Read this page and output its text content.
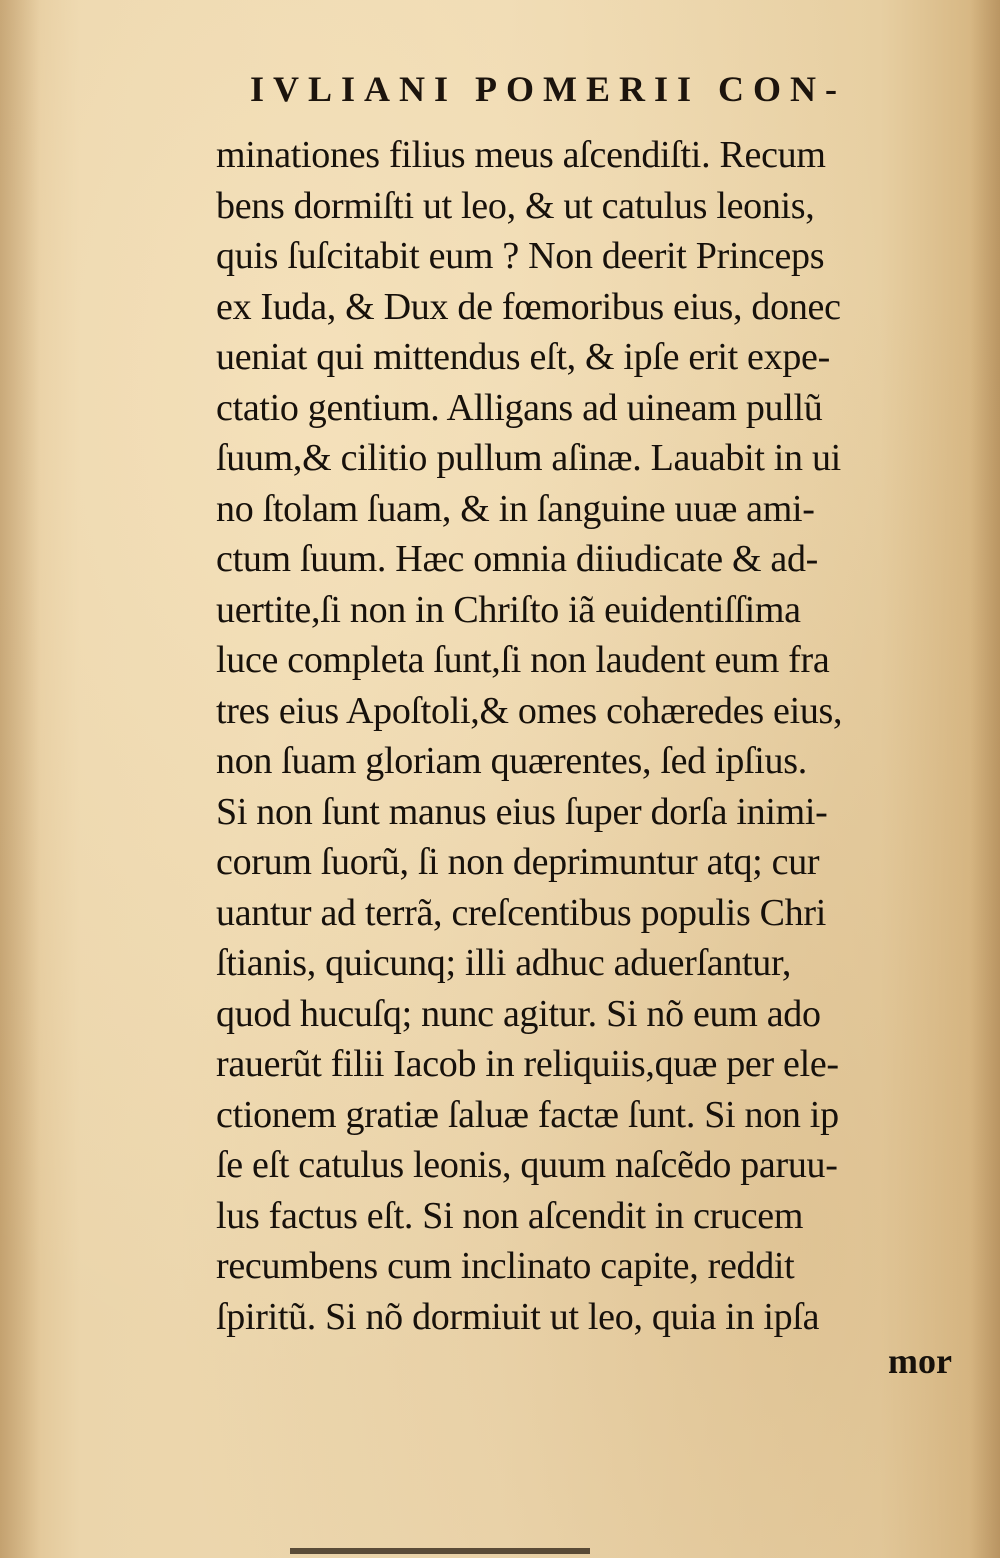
IVLIANI POMERII CON-
minationes filius meus aſcendiſti. Recum
bens dormiſti ut leo, & ut catulus leonis,
quis ſuſcitabit eum ? Non deerit Princeps
ex Iuda, & Dux de fœmoribus eius, donec
ueniat qui mittendus eſt, & ipſe erit expe-
ctatio gentium. Alligans ad uineam pullũ
ſuum,& cilitio pullum aſinæ. Lauabit in ui
no ſtolam ſuam, & in ſanguine uuæ ami-
ctum ſuum. Hæc omnia diiudicate & ad-
uertite,ſi non in Chriſto iã euidentiſſima
luce completa ſunt,ſi non laudent eum fra
tres eius Apoſtoli,& omes cohæredes eius,
non ſuam gloriam quærentes, ſed ipſius.
Si non ſunt manus eius ſuper dorſa inimi-
corum ſuorũ, ſi non deprimuntur atq; cur
uantur ad terrã, creſcentibus populis Chri
ſtianis, quicunq; illi adhuc aduerſantur,
quod hucuſq; nunc agitur. Si nõ eum ado
rauerũt filii Iacob in reliquiis,quæ per ele-
ctionem gratiæ ſaluæ factæ ſunt. Si non ip
ſe eſt catulus leonis, quum naſcẽdo paruu-
lus factus eſt. Si non aſcendit in crucem
recumbens cum inclinato capite, reddit
ſpiritũ. Si nõ dormiuit ut leo, quia in ipſa
mor
